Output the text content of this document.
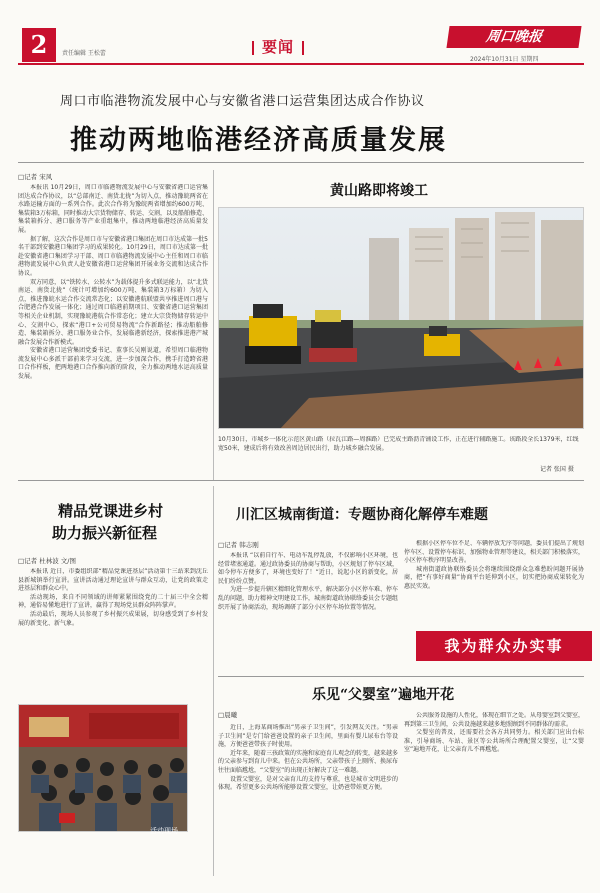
2	责任编辑 王松蕾	要闻
周口晚报
2024年10月31日 星期四
周口市临港物流发展中心与安徽省港口运营集团达成合作协议
推动两地临港经济高质量发展
□记者 宋风

本报讯 10月29日，周口市临港物流发展中心与安徽省港口运营集团达成合作协议，以“总部南迁、南货北拢”为切入点，推动豫皖两省在水路运输方面的一系列合作。此次合作将为豫皖两省增加约600万吨、集装箱3万标箱，同时推动大宗货物储存、转运、交割，以及船舶修造、集装箱拆分、港口服务等产业重组集中，推动两地临港经济高质量发展。

据了解，这次合作是周口市与安徽省港口集团在周口市达成第一批5名干部到安徽港口集团学习的成果转化。10月29日，周口市达成第一批赴安徽省港口集团学习干部、周口市临港物流发展中心主任和周口市临港物流发展中心负责人赴安徽省港口运营集团开展业务交流和达成合作协议。

双方同意，以“铁转水、公转水”为载体提升多式联运能力，以“北货南运、南货北拢”（统计可增加约600万吨、集装箱3万标箱）为切入点，推进豫皖水运合作交流常态化；以安徽港航联盟共享推进周口港与合肥港合作发展一体化；通过周口临港前期项目、安徽省港口运营集团等相关企业机制，实现豫皖港航合作常态化；建立大宗货物储存转运中心、交割中心，探索“港口+公司贸易物流”合作新路径；推动船舶修造、集装箱拆分、港口服务业合作，发展临港新经济，探索推进港产城融合发展合作新模式。

安徽省港口运营集团党委书记、董事长吴刚说道，希望周口临港物流发展中心多派干部前来学习交流，进一步加深合作，携手打造跨省港口合作样板，把两地港口合作推向新的阶段，全力推动两地水运高质量发展。

黄山路即将竣工
10月30日，市城乡一体化示范区黄山路（拉瓦江路—周淮路）已完成主路沥青铺设工作，正在进行辅路施工。该路段全长1379米，红线宽50米，建成后将有效改善周边居民出行，助力城乡融合发展。
记者 张国 摄
精品党课进乡村
助力振兴新征程
□记者 杜林波 文/图

本报讯 近日，市委组织部“精品党课进基层”活动第十三站来到沈丘县新城镇举行宣讲。宣讲活动通过理论宣讲与群众互动，让党的政策走进基层和群众心中。

活动现场，来自不同领域的讲师紧紧围绕党的二十届三中全会精神，通俗易懂地进行了宣讲，赢得了现场党员群众阵阵掌声。

活动最后，现场人员参观了乡村振兴成果展，切身感受到了乡村发展的新变化、新气象。

活动现场
川汇区城南街道：专题协商化解停车难题
□记者 韩志刚

本报讯 “以前自行车、电动车乱停乱放，不仅影响小区环境，也经常堵塞通道。通过政协委员的协商与帮助，小区规划了停车区域，如今停车方便多了，环境也变好了！”近日，说起小区的新变化，居民们纷纷点赞。

为进一步提升辖区精细化管理水平，解决部分小区停车难、停车乱的问题，助力精神文明建设工作，城南街道政协联络委员会专题组织开展了协商活动，现场调研了部分小区停车场位置等情况。

根据小区停车位不足、车辆停放无序等问题，委员们提出了规划停车区、设置停车标识、加强物业管理等建议，相关部门积极落实，小区停车秩序明显改善。

城南街道政协联络委员会将继续围绕群众急难愁盼问题开展协商，把“有事好商量”协商平台延伸到小区，切实把协商成果转化为惠民实效。

我为群众办实事
乐见“父婴室”遍地开花
□晨曦

近日，上海某商场推出“男亲子卫生间”，引发网友关注。“男亲子卫生间”是专门给爸爸设置的亲子卫生间，里面有婴儿尿布台等设施，方便爸爸带孩子时使用。

近年来，随着三孩政策的实施和家庭育儿观念的转变，越来越多的父亲参与到育儿中来。但在公共场所，父亲带孩子上厕所、换尿布往往面临尴尬，“父婴室”的出现正好解决了这一难题。

设置父婴室，是对父亲育儿的支持与尊重，也是城市文明进步的体现。希望更多公共场所能够设置父婴室，让奶爸带娃更方便。

公共服务设施的人性化，体现在细节之处。从母婴室到父婴室，再到第三卫生间，公共设施越来越多地照顾到不同群体的需求。

父婴室的普及，还需要社会各方共同努力。相关部门应出台标准，引导商场、车站、景区等公共场所合理配置父婴室，让“父婴室”遍地开花，让父亲育儿不再尴尬。
